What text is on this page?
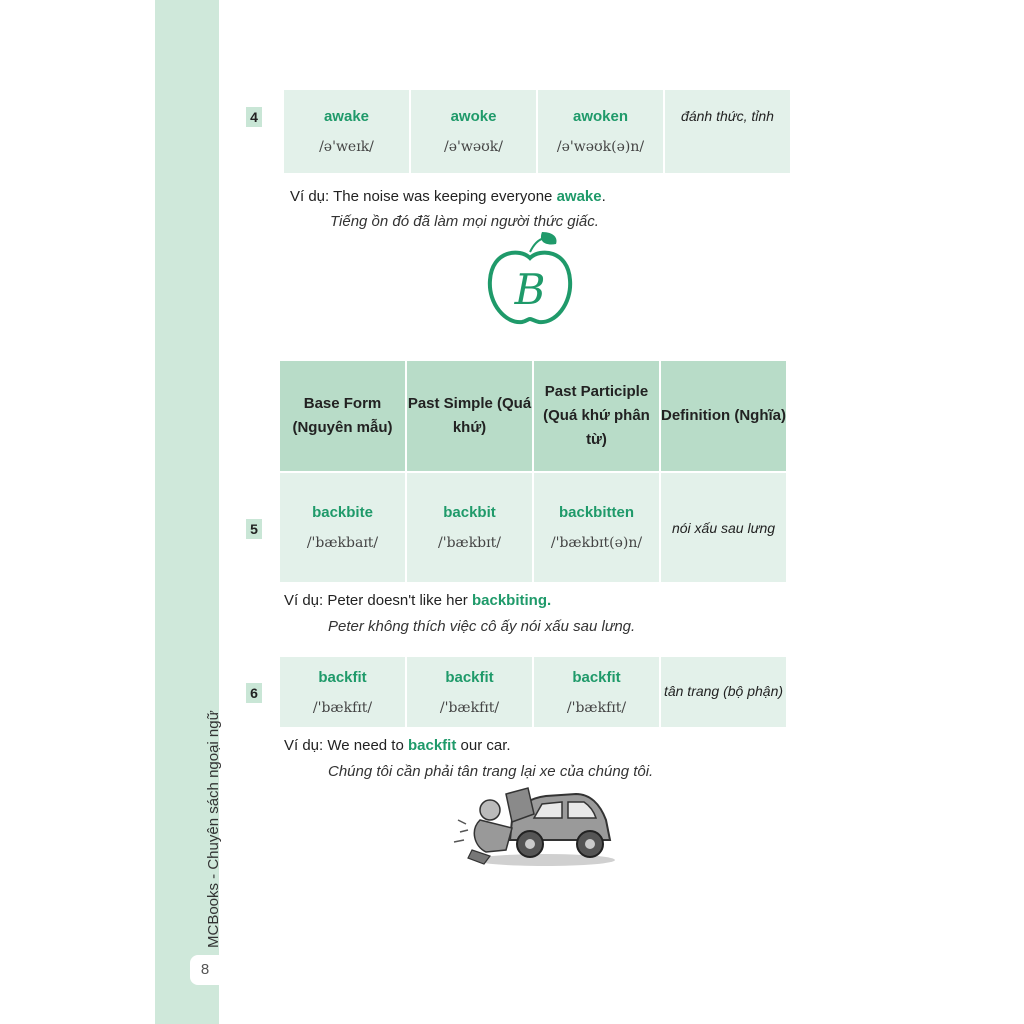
MCBooks - Chuyên sách ngoại ngữ
8
4	awake
/ə'weɪk/
awoke
/ə'wəʊk/
awoken
/ə'wəʊk(ə)n/
đánh thức, tỉnh
Ví dụ: The noise was keeping everyone awake.
Tiếng ồn đó đã làm mọi người thức giấc.
B
Base Form (Nguyên mẫu)
Past Simple (Quá khứ)
Past Participle (Quá khứ phân từ)
Definition (Nghĩa)
5
backbite
/'bækbaɪt/
backbit
/'bækbɪt/
backbitten
/'bækbɪt(ə)n/
nói xấu sau lưng
Ví dụ: Peter doesn't like her backbiting.
Peter không thích việc cô ấy nói xấu sau lưng.
6
backfit
/'bækfɪt/
backfit
/'bækfɪt/
backfit
/'bækfɪt/
tân trang (bộ phận)
Ví dụ: We need to backfit our car.
Chúng tôi cần phải tân trang lại xe của chúng tôi.
